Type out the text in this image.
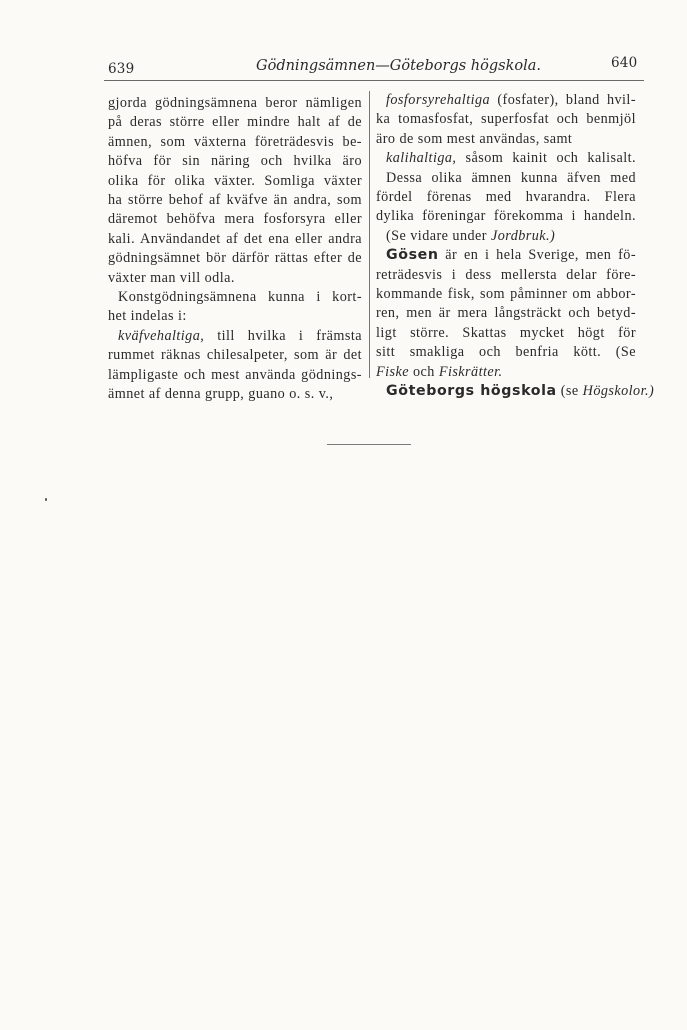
639	Gödningsämnen—Göteborgs högskola.	640
gjorda gödningsämnena beror nämligen
på deras större eller mindre halt af de
ämnen, som växterna företrädesvis be-
höfva för sin näring och hvilka äro
olika för olika växter. Somliga växter
ha större behof af kväfve än andra, som
däremot behöfva mera fosforsyra eller
kali. Användandet af det ena eller andra
gödningsämnet bör därför rättas efter de
växter man vill odla.
Konstgödningsämnena kunna i kort-
het indelas i:
kväfvehaltiga, till hvilka i främsta
rummet räknas chilesalpeter, som är det
lämpligaste och mest använda gödnings-
ämnet af denna grupp, guano o. s. v.,
fosforsyrehaltiga (fosfater), bland hvil-
ka tomasfosfat, superfosfat och benmjöl
äro de som mest användas, samt
kalihaltiga, såsom kainit och kalisalt.
Dessa olika ämnen kunna äfven med
fördel förenas med hvarandra. Flera
dylika föreningar förekomma i handeln.
(Se vidare under Jordbruk.)
Gösen är en i hela Sverige, men fö-
reträdesvis i dess mellersta delar före-
kommande fisk, som påminner om abbor-
ren, men är mera långsträckt och betyd-
ligt större. Skattas mycket högt för
sitt smakliga och benfria kött. (Se
Fiske och Fiskrätter.
Göteborgs högskola (se Högskolor.)
